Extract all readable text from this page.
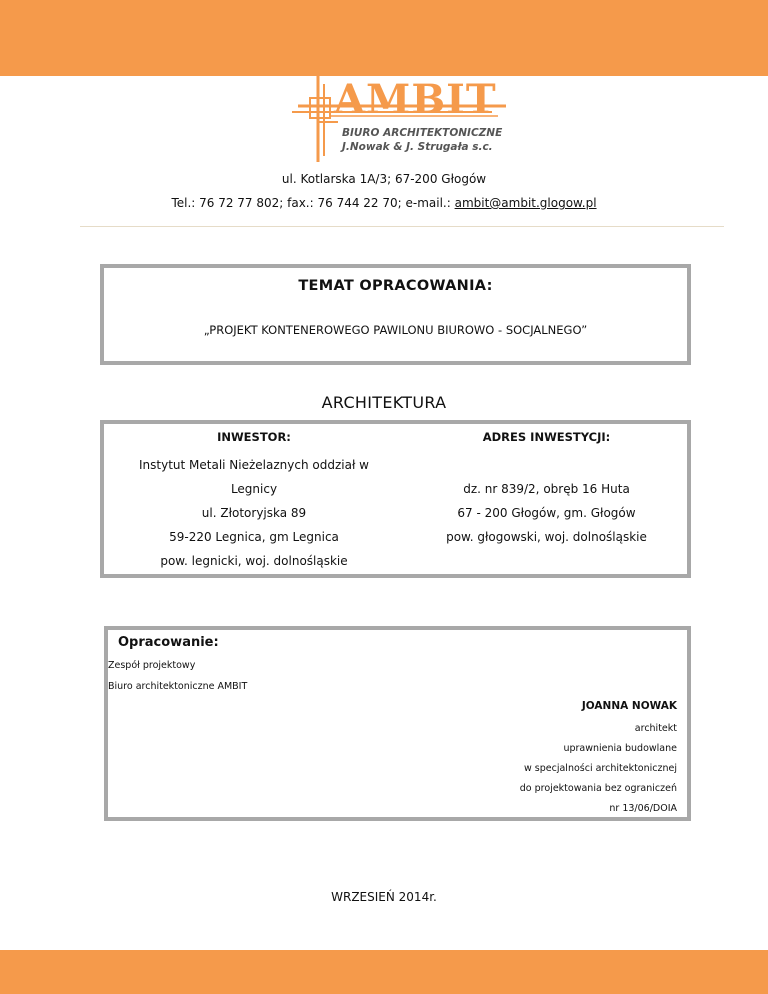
AMBIT
BIURO ARCHITEKTONICZNE
J.Nowak & J. Strugała s.c.
ul. Kotlarska 1A/3; 67-200 Głogów
Tel.: 76 72 77 802; fax.: 76 744 22 70; e-mail.: ambit@ambit.glogow.pl
TEMAT OPRACOWANIA:
„PROJEKT KONTENEROWEGO PAWILONU BIUROWO - SOCJALNEGO”
ARCHITEKTURA
INWESTOR:
Instytut Metali Nieżelaznych oddział w
Legnicy
ul. Złotoryjska 89
59-220 Legnica, gm Legnica
pow. legnicki, woj. dolnośląskie
ADRES INWESTYCJI:
dz. nr 839/2, obręb 16 Huta
67 - 200 Głogów, gm. Głogów
pow. głogowski, woj. dolnośląskie
Opracowanie:
Zespół projektowy
Biuro architektoniczne AMBIT
JOANNA NOWAK
architekt
uprawnienia budowlane
w specjalności architektonicznej
do projektowania bez ograniczeń
nr 13/06/DOIA
WRZESIEŃ 2014r.
